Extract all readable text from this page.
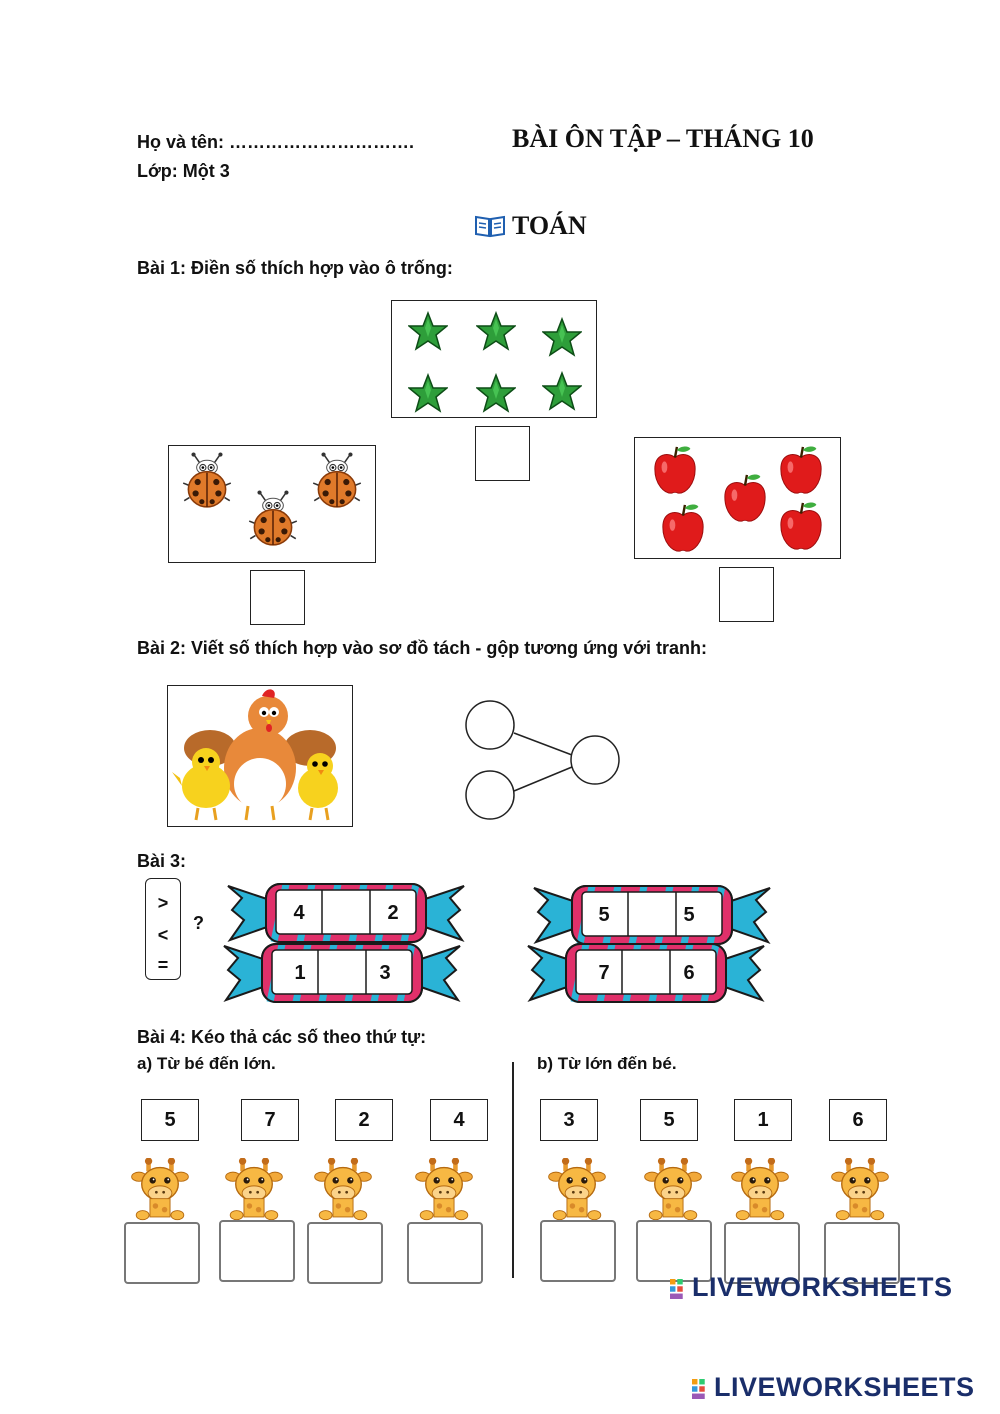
Họ và tên: ………………………….
Lớp: Một 3
BÀI ÔN TẬP – THÁNG 10
TOÁN
Bài 1: Điền số thích hợp vào ô trống:
Bài 2: Viết số thích hợp vào sơ đồ tách - gộp tương ứng với tranh:
Bài 3:
>
<
=
?	4	2
1	3
5	5
7	6
Bài 4: Kéo thả các số theo thứ tự:
a) Từ bé đến lớn.	b) Từ lớn đến bé.
5	7	2	4	3	5	1	6
LIVEWORKSHEETS
LIVEWORKSHEETS
